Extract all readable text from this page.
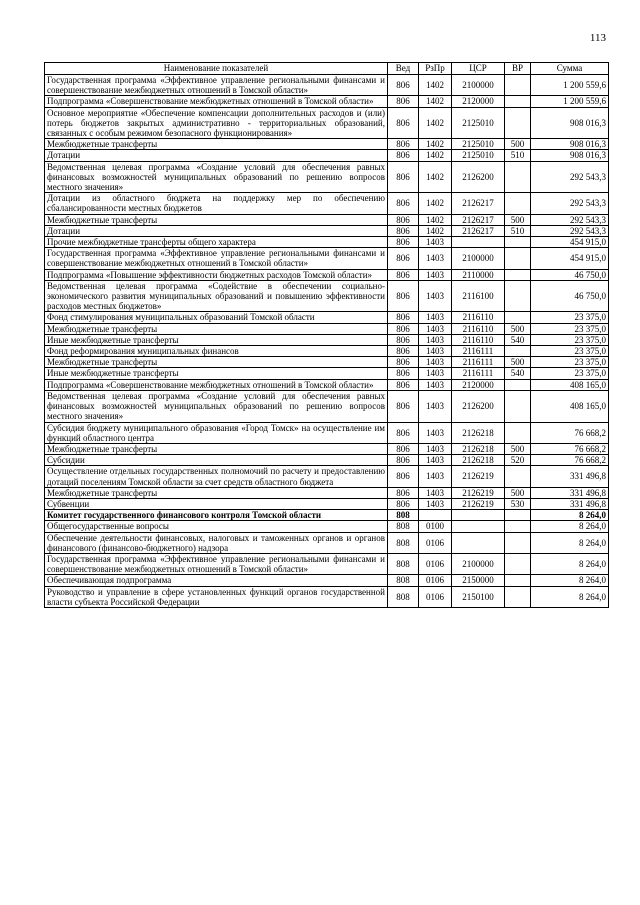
113
Наименование показателей	Вед	РзПр	ЦСР	ВР	Сумма
Государственная программа «Эффективное управление региональными финансами и совершенствование межбюджетных отношений в Томской области»	806	1402	2100000		1 200 559,6
Подпрограмма «Совершенствование межбюджетных отношений в Томской области»	806	1402	2120000		1 200 559,6
Основное мероприятие «Обеспечение компенсации дополнительных расходов и (или) потерь бюджетов закрытых административно - территориальных образований, связанных с особым режимом безопасного функционирования»	806	1402	2125010		908 016,3
Межбюджетные трансферты	806	1402	2125010	500	908 016,3
Дотации	806	1402	2125010	510	908 016,3
Ведомственная целевая программа «Создание условий для обеспечения равных финансовых возможностей муниципальных образований по решению вопросов местного значения»	806	1402	2126200		292 543,3
Дотации из областного бюджета на поддержку мер по обеспечению сбалансированности местных бюджетов	806	1402	2126217		292 543,3
Межбюджетные трансферты	806	1402	2126217	500	292 543,3
Дотации	806	1402	2126217	510	292 543,3
Прочие межбюджетные трансферты общего характера	806	1403			454 915,0
Государственная программа «Эффективное управление региональными финансами и совершенствование межбюджетных отношений в Томской области»	806	1403	2100000		454 915,0
Подпрограмма «Повышение эффективности бюджетных расходов Томской области»	806	1403	2110000		46 750,0
Ведомственная целевая программа «Содействие в обеспечении социально-экономического развития муниципальных образований и повышению эффективности расходов местных бюджетов»	806	1403	2116100		46 750,0
Фонд стимулирования муниципальных образований Томской области	806	1403	2116110		23 375,0
Межбюджетные трансферты	806	1403	2116110	500	23 375,0
Иные межбюджетные трансферты	806	1403	2116110	540	23 375,0
Фонд реформирования муниципальных финансов	806	1403	2116111		23 375,0
Межбюджетные трансферты	806	1403	2116111	500	23 375,0
Иные межбюджетные трансферты	806	1403	2116111	540	23 375,0
Подпрограмма «Совершенствование межбюджетных отношений в Томской области»	806	1403	2120000		408 165,0
Ведомственная целевая программа «Создание условий для обеспечения равных финансовых возможностей муниципальных образований по решению вопросов местного значения»	806	1403	2126200		408 165,0
Субсидия бюджету муниципального образования «Город Томск» на осуществление им функций областного центра	806	1403	2126218		76 668,2
Межбюджетные трансферты	806	1403	2126218	500	76 668,2
Субсидии	806	1403	2126218	520	76 668,2
Осуществление отдельных государственных полномочий по расчету и предоставлению дотаций поселениям Томской области за счет средств областного бюджета	806	1403	2126219		331 496,8
Межбюджетные трансферты	806	1403	2126219	500	331 496,8
Субвенции	806	1403	2126219	530	331 496,8
Комитет государственного финансового контроля Томской области	808				8 264,0
Общегосударственные вопросы	808	0100			8 264,0
Обеспечение деятельности финансовых, налоговых и таможенных органов и органов финансового (финансово-бюджетного) надзора	808	0106			8 264,0
Государственная программа «Эффективное управление региональными финансами и совершенствование межбюджетных отношений в Томской области»	808	0106	2100000		8 264,0
Обеспечивающая подпрограмма	808	0106	2150000		8 264,0
Руководство и управление в сфере установленных функций органов государственной власти субъекта Российской Федерации	808	0106	2150100		8 264,0
